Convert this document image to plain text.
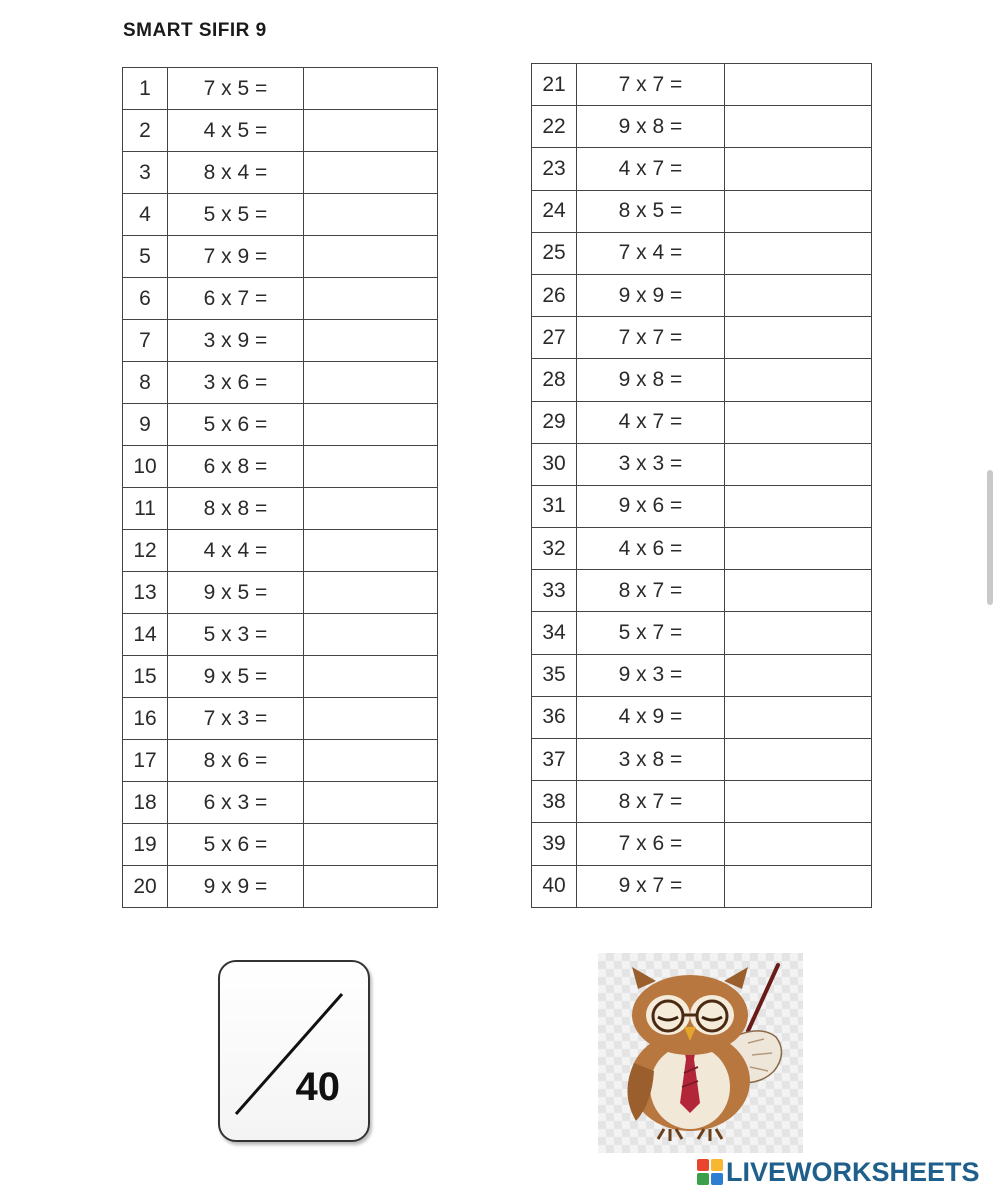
SMART SIFIR 9
1	7 x 5 =	
2	4 x 5 =	
3	8 x 4 =	
4	5 x 5 =	
5	7 x 9 =	
6	6 x 7 =	
7	3 x 9 =	
8	3 x 6 =	
9	5 x 6 =	
10	6 x 8 =	
11	8 x 8 =	
12	4 x 4 =	
13	9 x 5 =	
14	5 x 3 =	
15	9 x 5 =	
16	7 x 3 =	
17	8 x 6 =	
18	6 x 3 =	
19	5 x 6 =	
20	9 x 9 =	
21	7 x 7 =	
22	9 x 8 =	
23	4 x 7 =	
24	8 x 5 =	
25	7 x 4 =	
26	9 x 9 =	
27	7 x 7 =	
28	9 x 8 =	
29	4 x 7 =	
30	3 x 3 =	
31	9 x 6 =	
32	4 x 6 =	
33	8 x 7 =	
34	5 x 7 =	
35	9 x 3 =	
36	4 x 9 =	
37	3 x 8 =	
38	8 x 7 =	
39	7 x 6 =	
40	9 x 7 =	
40
LIVEWORKSHEETS
